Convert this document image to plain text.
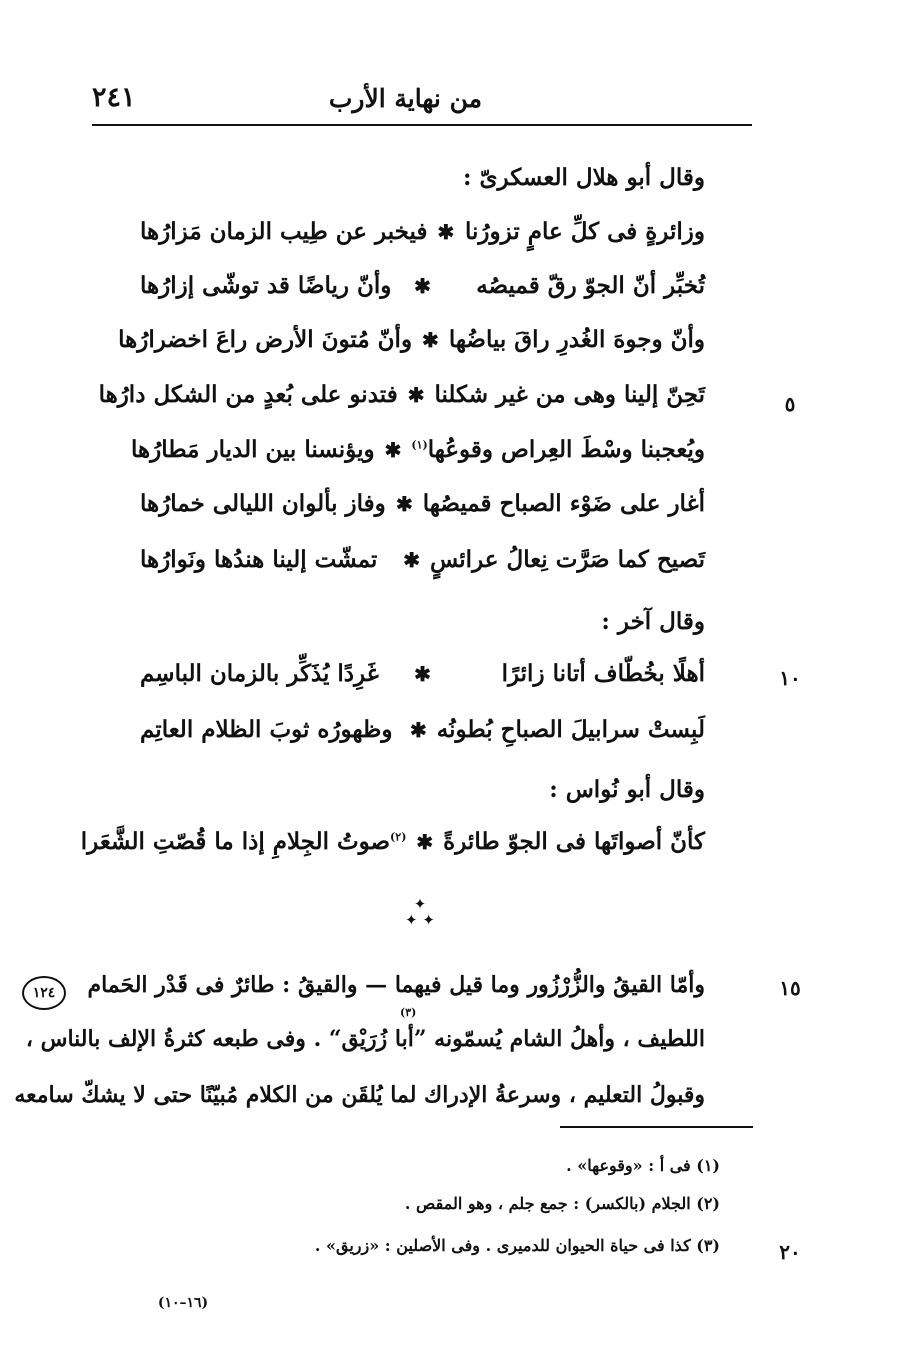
من نهاية الأرب
٢٤١
وقال أبو هلال العسكرىّ :
وزائرةٍ فى كلِّ عامٍ تزورُنا
✱
فيخبر عن طِيب الزمان مَزارُها
تُخبِّر أنّ الجوّ رقّ قميصُه
✱
وأنّ رياضًا قد توشّى إزارُها
وأنّ وجوهَ الغُدرِ راقَ بياضُها
✱
وأنّ مُتونَ الأرض راعَ اخضرارُها
تَحِنّ إلينا وهى من غير شكلنا
✱
فتدنو على بُعدٍ من الشكل دارُها
ويُعجبنا وسْطَ العِراص وقوعُها$^{(١)}$
✱
ويؤنسنا بين الديار مَطارُها
أغار على ضَوْء الصباح قميصُها
✱
وفاز بألوان الليالى خمارُها
تَصيح كما صَرَّت نِعالُ عرائسٍ
✱
تمشّت إلينا هندُها ونَوارُها
وقال آخر :
أهلًا بخُطّاف أتانا زائرًا
✱
غَرِدًا يُذَكِّر بالزمان الباسِم
لَبِستْ سرابيلَ الصباحِ بُطونُه
✱
وظهورُه ثوبَ الظلام العاتِم
وقال أبو نُواس :
كأنّ أصواتَها فى الجوّ طائرةً
✱
$^{(٢)}$صوتُ الجِلامِ إذا ما قُصّتِ الشَّعَرا
✦
✦ ✦
١٢٤	وأمّا القيقُ والزُّرْزُور وما قيل فيهما — والقيقُ : طائرٌ فى قَدْر الحَمام
اللطيف ، وأهلُ الشام يُسمّونه ”أبا زُرَيْق“ . وفى طبعه كثرةُ الإلف بالناس ،
(٣)
وقبولُ التعليم ، وسرعةُ الإدراك لما يُلقَن من الكلام مُبيّنًا حتى لا يشكّ سامعه
(١) فى أ : «وقوعها» .
(٢) الجلام (بالكسر) : جمع جلم ، وهو المقص .
(٣) كذا فى حياة الحيوان للدميرى . وفى الأصلين : «زريق» .
٥
١٠
١٥
٢٠
(١٦–١٠)
